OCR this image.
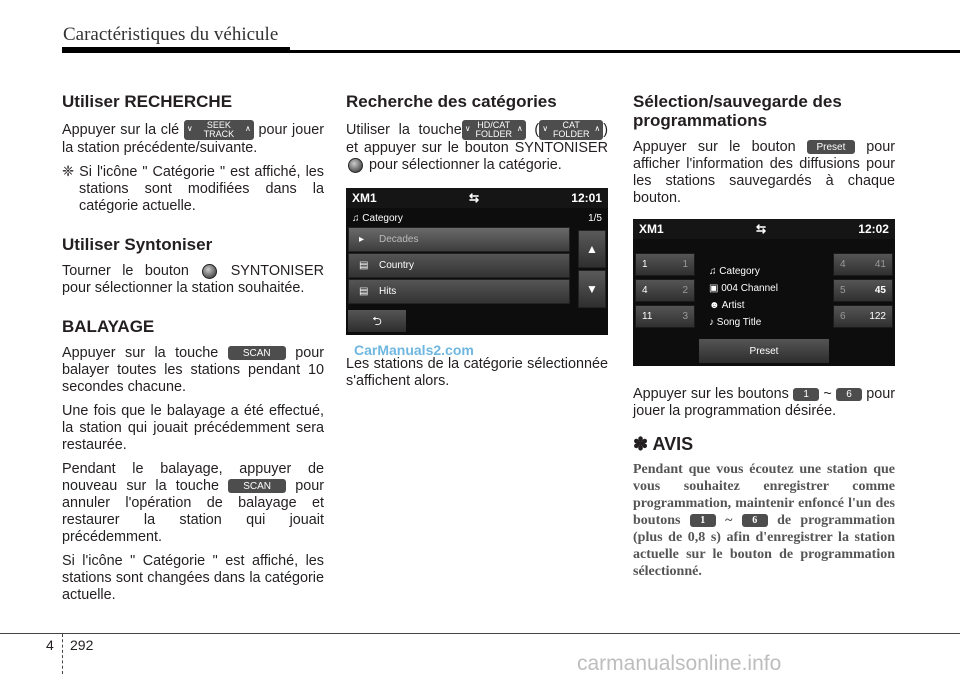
Caractéristiques du véhicule
Utiliser RECHERCHE

Appuyer sur la clé ∨	SEEK
TRACK
∧ pour jouer la station précédente/suivante.

❈ Si l'icône " Catégorie " est affiché, les stations sont modifiées dans la catégorie actuelle.

Utiliser Syntoniser

Tourner le bouton	SYNTONISER pour sélectionner la station souhaitée.

BALAYAGE

Appuyer sur la touche SCAN pour balayer toutes les stations pendant 10 secondes chacune.

Une fois que le balayage a été effectué, la station qui jouait précédemment sera restaurée.

Pendant le balayage, appuyer de nouveau sur la touche SCAN pour annuler l'opération de balayage et restaurer la station qui jouait précédemment.

Si l'icône " Catégorie " est affiché, les stations sont changées dans la catégorie actuelle.

Recherche des catégories

Utiliser la touche ∨ HD/CAT
FOLDER
∧ ( ∨	CAT
FOLDER
∧ ) et appuyer sur le bouton SYNTONISER  pour sélectionner la catégorie.

XM1	⇆	12:01
♫ Category	1/5
▸ Decades
▤ Country
▤ Hits
▲
▼
⮌

Les stations de la catégorie sélectionnée s'affichent alors.

Sélection/sauvegarde des programmations

Appuyer sur le bouton Preset pour afficher l'information des diffusions pour les stations sauvegardés à chaque bouton.

XM1	⇆	12:02
1	1
4	2
11	3
4	41
5	45
6 122
♫ Category
▣ 004 Channel
☻ Artist
♪ Song Title
Preset

Appuyer sur les boutons 1 ~ 6 pour jouer la programmation désirée.

✽ AVIS
Pendant que vous écoutez une station que vous souhaitez enregistrer comme programmation, maintenir enfoncé l'un des boutons 1 ~ 6 de programmation (plus de 0,8 s) afin d'enregistrer la station actuelle sur le bouton de programmation sélectionné.
CarManuals2.com
4 292
carmanualsonline.info
